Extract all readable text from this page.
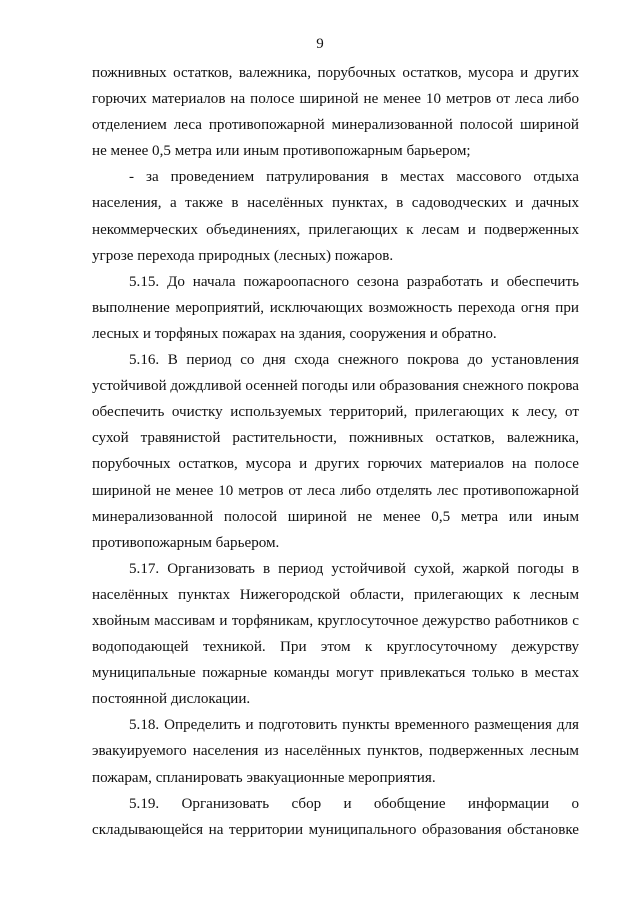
9
пожнивных остатков, валежника, порубочных остатков, мусора и других
горючих материалов на полосе шириной не менее 10 метров от леса либо
отделением леса противопожарной минерализованной полосой шириной
не менее 0,5 метра или иным противопожарным барьером;
- за проведением патрулирования в местах массового отдыха
населения, а также в населённых пунктах, в садоводческих и дачных
некоммерческих объединениях, прилегающих к лесам и подверженных
угрозе перехода природных (лесных) пожаров.
5.15. До начала пожароопасного сезона разработать и обеспечить
выполнение мероприятий, исключающих возможность перехода огня при
лесных и торфяных пожарах на здания, сооружения и обратно.
5.16. В период со дня схода снежного покрова до установления
устойчивой дождливой осенней погоды или образования снежного покрова
обеспечить очистку используемых территорий, прилегающих к лесу, от
сухой травянистой растительности, пожнивных остатков, валежника,
порубочных остатков, мусора и других горючих материалов на полосе
шириной не менее 10 метров от леса либо отделять лес противопожарной
минерализованной полосой шириной не менее 0,5 метра или иным
противопожарным барьером.
5.17. Организовать в период устойчивой сухой, жаркой погоды в
населённых пунктах Нижегородской области, прилегающих к лесным
хвойным массивам и торфяникам, круглосуточное дежурство работников с
водоподающей техникой. При этом к круглосуточному дежурству
муниципальные пожарные команды могут привлекаться только в местах
постоянной дислокации.
5.18. Определить и подготовить пункты временного размещения для
эвакуируемого населения из населённых пунктов, подверженных лесным
пожарам, спланировать эвакуационные мероприятия.
5.19. Организовать сбор и обобщение информации о
складывающейся на территории муниципального образования обстановке
